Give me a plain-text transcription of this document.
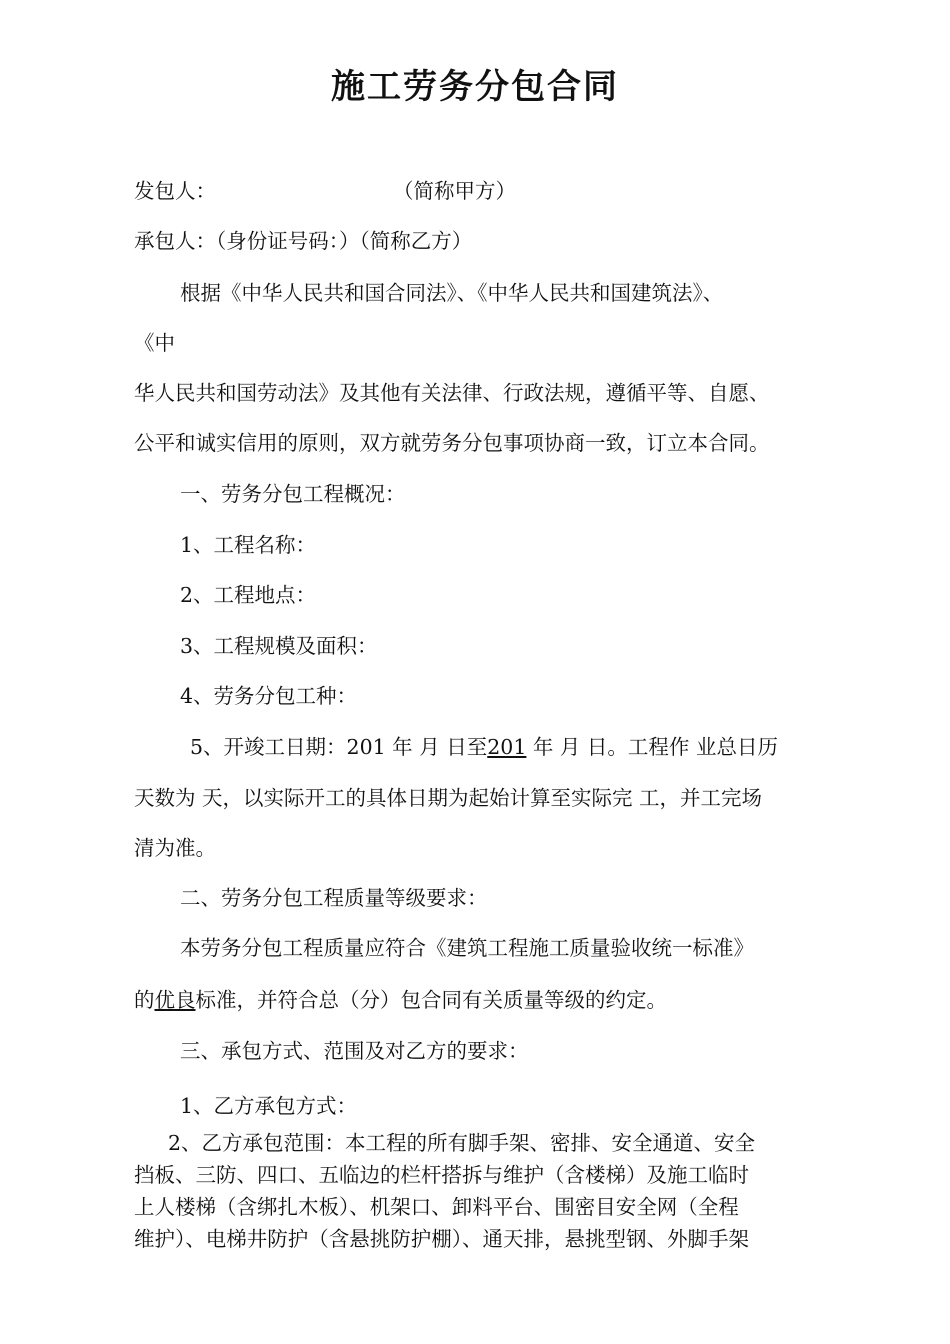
施工劳务分包合同
发包人：	（简称甲方）
承包人：（身份证号码：）（简称乙方）
根据《中华人民共和国合同法》、《中华人民共和国建筑法》、
《中
华人民共和国劳动法》及其他有关法律、行政法规，遵循平等、自愿、
公平和诚实信用的原则，双方就劳务分包事项协商一致，订立本合同。
一、劳务分包工程概况：
1、工程名称：
2、工程地点：
3、工程规模及面积：
4、劳务分包工种：
5、开竣工日期：201 年 月 日至201 年 月 日。工程作 业总日历
天数为 天，以实际开工的具体日期为起始计算至实际完 工，并工完场
清为准。
二、劳务分包工程质量等级要求：
本劳务分包工程质量应符合《建筑工程施工质量验收统一标准》
的优良标准，并符合总（分）包合同有关质量等级的约定。
三、承包方式、范围及对乙方的要求：
1、乙方承包方式：
2、乙方承包范围：本工程的所有脚手架、密排、安全通道、安全
挡板、三防、四口、五临边的栏杆搭拆与维护（含楼梯）及施工临时
上人楼梯（含绑扎木板）、机架口、卸料平台、围密目安全网（全程
维护）、电梯井防护（含悬挑防护棚）、通天排，悬挑型钢、外脚手架
